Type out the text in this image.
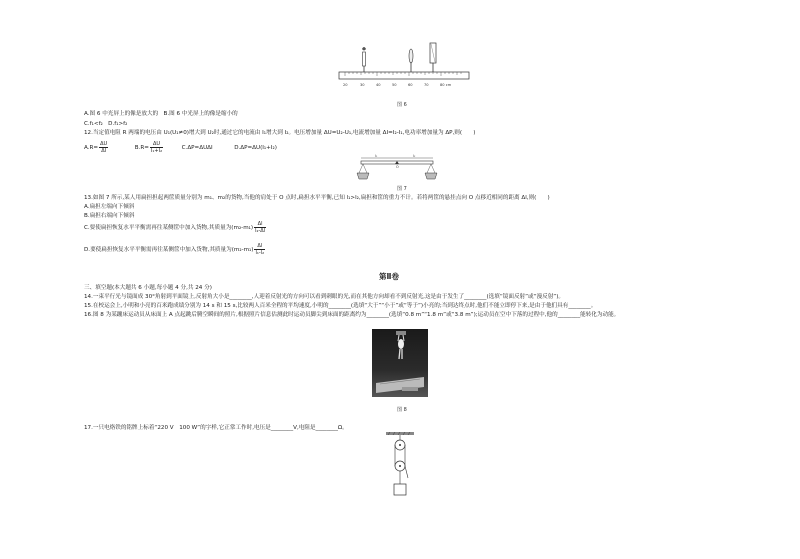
20	30	40	50	60	70	80 cm
图 6
A.图 6 中光屏上的像是放大的 B.图 6 中光屏上的像是缩小的
C.f₁<f₂ D.f₁>f₂
12.当定值电阻 R 两端的电压由 U₁(U₁≠0)增大到 U₂时,通过它的电流由 I₁增大到 I₂。电压增加量 ΔU=U₂-U₁,电流增加量 ΔI=I₂-I₁,电功率增加量为 ΔP,则(　　)
$A.R= \frac{\Delta U}{\Delta I}$	$B.R= \frac{\Delta U}{\text{I₁+I₂}}$	C.ΔP=ΔUΔI	D.ΔP=ΔU(I₁+I₂)
l₁	l₂
O
图 7
13.如图 7 所示,某人用扁担担起两筐质量分别为 m₁、m₂的货物,当他的肩处于 O 点时,扁担水平平衡,已知 l₁>l₂,扁担和筐的重力不计。若将两筐的悬挂点向 O 点移近相同的距离 Δl,则(　　)
A.扁担左端向下倾斜
B.扁担右端向下倾斜
C.要使扁担恢复水平平衡需再往某侧筐中加入货物,其质量为$(m_2-m_1) \frac{\Delta l}{\text{l₂-Δl}}$
D.要使扁担恢复水平平衡需再往某侧筐中加入货物,其质量为$(m_2-m_1) \frac{\Delta l}{\text{l₁-l₂}}$
第Ⅱ卷
三、填空题(本大题共 6 小题,每小题 4 分,共 24 分)
14.一束平行光与镜面成 30°角射到平面镜上,反射角大小是________,人迎着反射光的方向可以看到刺眼的光,而在其他方向却看不到反射光,这是由于发生了________(选填“镜面反射”或“漫反射”)。
15.在校运会上,小明和小亮的百米跑成绩分别为 14 s 和 15 s,比较两人百米全程的平均速度,小明的________(选填“大于”“小于”或“等于”)小亮的;当到达终点时,他们不能立即停下来,是由于他们具有________。
16.图 8 为某蹦床运动员从床面上 A 点起跳后腾空瞬间的照片,根据照片信息估测此时运动员脚尖到床面的距离约为________(选填“0.8 m”“1.8 m”或“3.8 m”);运动员在空中下落的过程中,他的________能转化为动能。
图 8
17.一只电烙铁的铭牌上标着“220 V　100 W”的字样,它正常工作时,电压是________V,电阻是________Ω。
